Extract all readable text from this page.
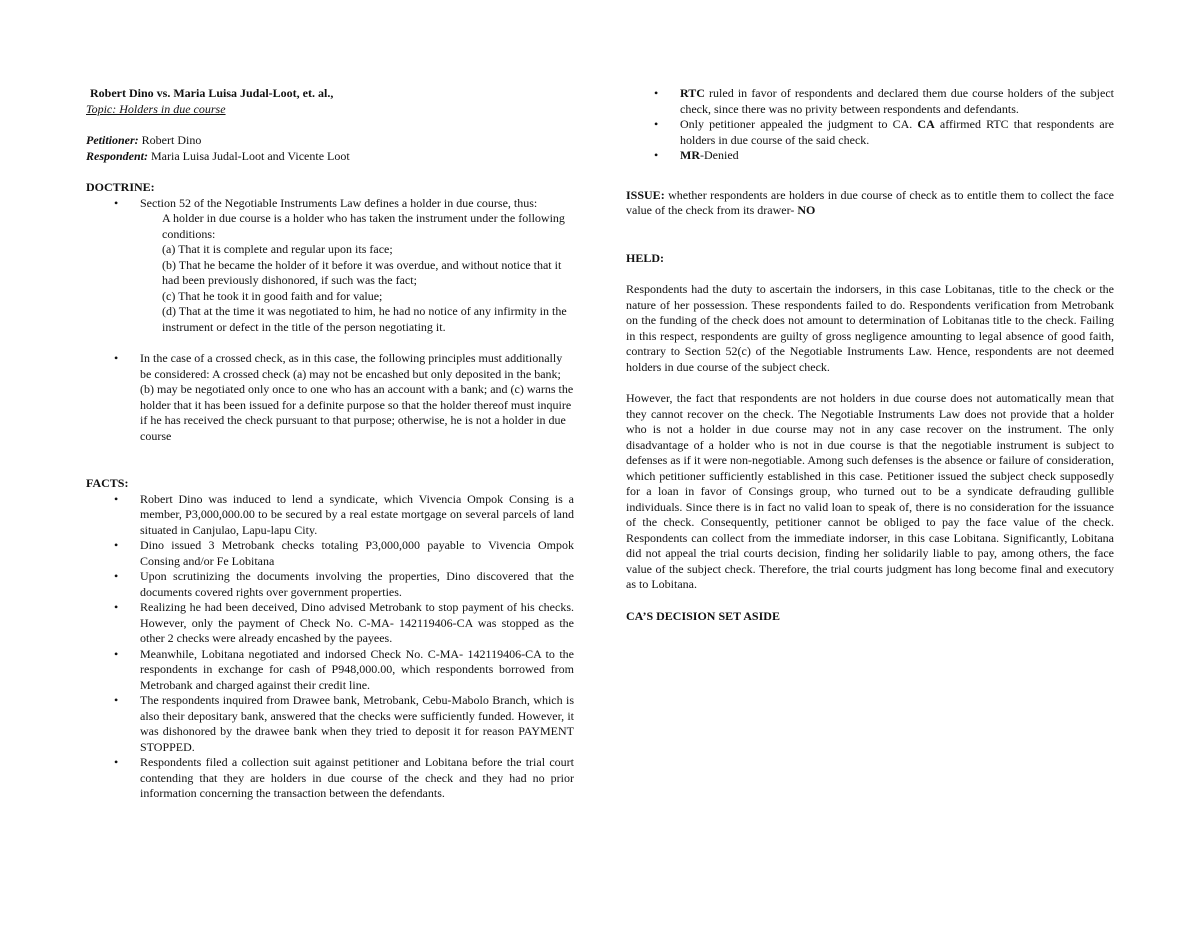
Robert Dino vs. Maria Luisa Judal-Loot, et. al.,

Topic: Holders in due course

Petitioner: Robert Dino

Respondent: Maria Luisa Judal-Loot and Vicente Loot

DOCTRINE:

• Section 52 of the Negotiable Instruments Law defines a holder in due course, thus:

A holder in due course is a holder who has taken the instrument under the following conditions:

(a) That it is complete and regular upon its face;

(b) That he became the holder of it before it was overdue, and without notice that it had been previously dishonored, if such was the fact;

(c) That he took it in good faith and for value;

(d) That at the time it was negotiated to him, he had no notice of any infirmity in the instrument or defect in the title of the person negotiating it.

• In the case of a crossed check, as in this case, the following principles must additionally be considered: A crossed check (a) may not be encashed but only deposited in the bank; (b) may be negotiated only once to one who has an account with a bank; and (c) warns the holder that it has been issued for a definite purpose so that the holder thereof must inquire if he has received the check pursuant to that purpose; otherwise, he is not a holder in due course

FACTS:

• Robert Dino was induced to lend a syndicate, which Vivencia Ompok Consing is a member, P3,000,000.00 to be secured by a real estate mortgage on several parcels of land situated in Canjulao, Lapu-lapu City.
• Dino issued 3 Metrobank checks totaling P3,000,000 payable to Vivencia Ompok Consing and/or Fe Lobitana
• Upon scrutinizing the documents involving the properties, Dino discovered that the documents covered rights over government properties.
• Realizing he had been deceived, Dino advised Metrobank to stop payment of his checks. However, only the payment of Check No. C-MA- 142119406-CA was stopped as the other 2 checks were already encashed by the payees.
• Meanwhile, Lobitana negotiated and indorsed Check No. C-MA- 142119406-CA to the respondents in exchange for cash of P948,000.00, which respondents borrowed from Metrobank and charged against their credit line.
• The respondents inquired from Drawee bank, Metrobank, Cebu-Mabolo Branch, which is also their depositary bank, answered that the checks were sufficiently funded. However, it was dishonored by the drawee bank when they tried to deposit it for reason PAYMENT STOPPED.
• Respondents filed a collection suit against petitioner and Lobitana before the trial court contending that they are holders in due course of the check and they had no prior information concerning the transaction between the defendants.
• RTC ruled in favor of respondents and declared them due course holders of the subject check, since there was no privity between respondents and defendants.
• Only petitioner appealed the judgment to CA. CA affirmed RTC that respondents are holders in due course of the said check.
• MR-Denied

ISSUE: whether respondents are holders in due course of check as to entitle them to collect the face value of the check from its drawer- NO

HELD:

Respondents had the duty to ascertain the indorsers, in this case Lobitanas, title to the check or the nature of her possession. These respondents failed to do. Respondents verification from Metrobank on the funding of the check does not amount to determination of Lobitanas title to the check. Failing in this respect, respondents are guilty of gross negligence amounting to legal absence of good faith, contrary to Section 52(c) of the Negotiable Instruments Law. Hence, respondents are not deemed holders in due course of the subject check.

However, the fact that respondents are not holders in due course does not automatically mean that they cannot recover on the check. The Negotiable Instruments Law does not provide that a holder who is not a holder in due course may not in any case recover on the instrument. The only disadvantage of a holder who is not in due course is that the negotiable instrument is subject to defenses as if it were non-negotiable. Among such defenses is the absence or failure of consideration, which petitioner sufficiently established in this case. Petitioner issued the subject check supposedly for a loan in favor of Consings group, who turned out to be a syndicate defrauding gullible individuals. Since there is in fact no valid loan to speak of, there is no consideration for the issuance of the check. Consequently, petitioner cannot be obliged to pay the face value of the check. Respondents can collect from the immediate indorser, in this case Lobitana. Significantly, Lobitana did not appeal the trial courts decision, finding her solidarily liable to pay, among others, the face value of the subject check. Therefore, the trial courts judgment has long become final and executory as to Lobitana.

CA’S DECISION SET ASIDE
